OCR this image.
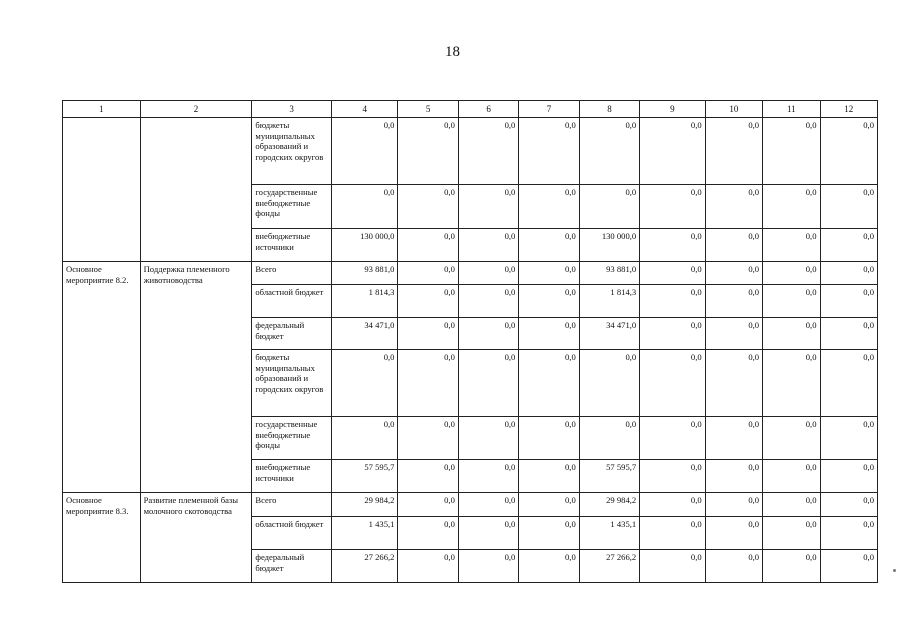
18
1	2	3	4	5	6	7	8	9	10	11	12
		бюджеты муниципальных образований и городских округов	0,0	0,0	0,0	0,0	0,0	0,0	0,0	0,0	0,0
		государственные внебюджетные фонды	0,0	0,0	0,0	0,0	0,0	0,0	0,0	0,0	0,0
		внебюджетные источники	130 000,0	0,0	0,0	0,0	130 000,0	0,0	0,0	0,0	0,0
Основное мероприятие 8.2.	Поддержка племенного животноводства	Всего	93 881,0	0,0	0,0	0,0	93 881,0	0,0	0,0	0,0	0,0
		областной бюджет	1 814,3	0,0	0,0	0,0	1 814,3	0,0	0,0	0,0	0,0
		федеральный бюджет	34 471,0	0,0	0,0	0,0	34 471,0	0,0	0,0	0,0	0,0
		бюджеты муниципальных образований и городских округов	0,0	0,0	0,0	0,0	0,0	0,0	0,0	0,0	0,0
		государственные внебюджетные фонды	0,0	0,0	0,0	0,0	0,0	0,0	0,0	0,0	0,0
		внебюджетные источники	57 595,7	0,0	0,0	0,0	57 595,7	0,0	0,0	0,0	0,0
Основное мероприятие 8.3.	Развитие племенной базы молочного скотоводства	Всего	29 984,2	0,0	0,0	0,0	29 984,2	0,0	0,0	0,0	0,0
		областной бюджет	1 435,1	0,0	0,0	0,0	1 435,1	0,0	0,0	0,0	0,0
		федеральный бюджет	27 266,2	0,0	0,0	0,0	27 266,2	0,0	0,0	0,0	0,0
